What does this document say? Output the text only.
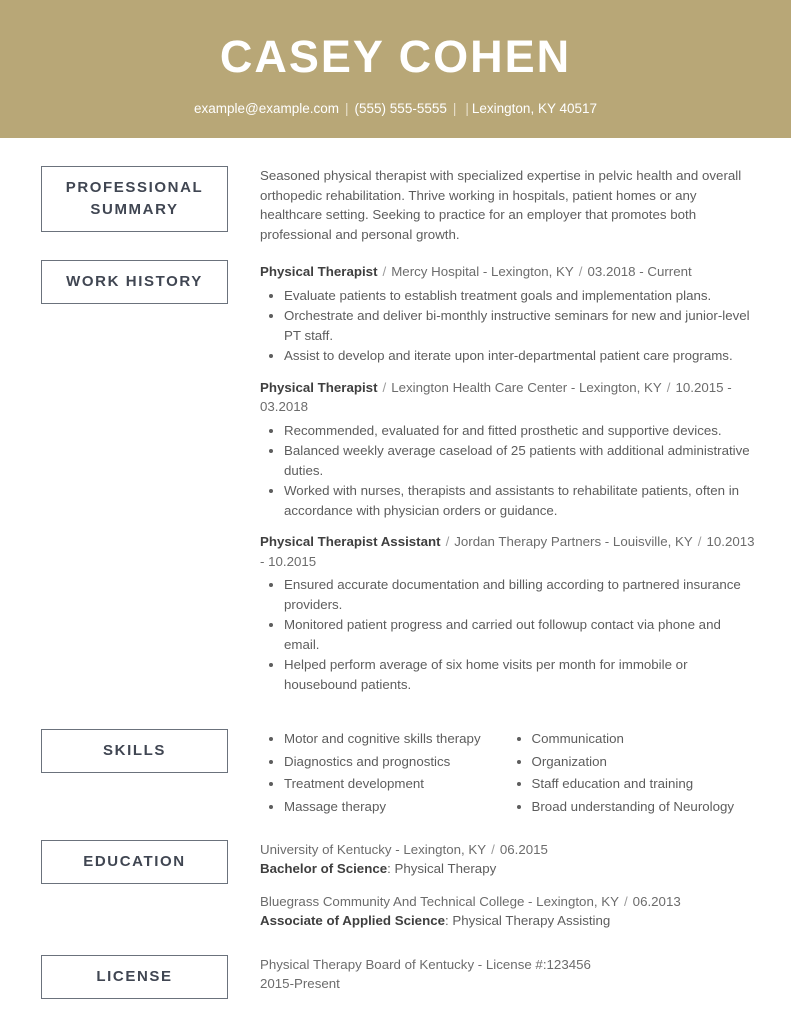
CASEY COHEN
example@example.com | (555) 555-5555 | | Lexington, KY 40517
PROFESSIONAL
SUMMARY

Seasoned physical therapist with specialized expertise in pelvic health and overall orthopedic rehabilitation. Thrive working in hospitals, patient homes or any healthcare setting. Seeking to practice for an employer that promotes both professional and personal growth.

WORK HISTORY

Physical Therapist / Mercy Hospital - Lexington, KY / 03.2018 - Current

Evaluate patients to establish treatment goals and implementation plans.
Orchestrate and deliver bi-monthly instructive seminars for new and junior-level PT staff.
Assist to develop and iterate upon inter-departmental patient care programs.

Physical Therapist / Lexington Health Care Center - Lexington, KY / 10.2015 - 03.2018

Recommended, evaluated for and fitted prosthetic and supportive devices.
Balanced weekly average caseload of 25 patients with additional administrative duties.
Worked with nurses, therapists and assistants to rehabilitate patients, often in accordance with physician orders or guidance.

Physical Therapist Assistant / Jordan Therapy Partners - Louisville, KY / 10.2013 - 10.2015

Ensured accurate documentation and billing according to partnered insurance providers.
Monitored patient progress and carried out followup contact via phone and email.
Helped perform average of six home visits per month for immobile or housebound patients.
SKILLS
Motor and cognitive skills therapy
Diagnostics and prognostics
Treatment development
Massage therapy
Communication
Organization
Staff education and training
Broad understanding of Neurology
EDUCATION
University of Kentucky - Lexington, KY / 06.2015
Bachelor of Science: Physical Therapy
Bluegrass Community And Technical College - Lexington, KY / 06.2013
Associate of Applied Science: Physical Therapy Assisting
LICENSE
Physical Therapy Board of Kentucky - License #:123456
2015-Present
